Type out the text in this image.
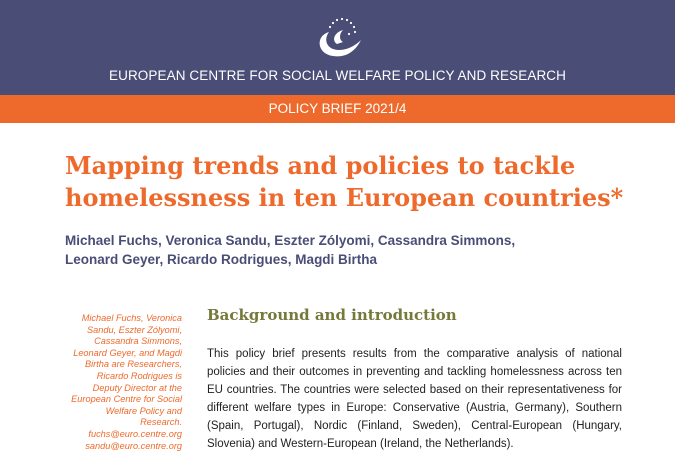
EUROPEAN CENTRE FOR SOCIAL WELFARE POLICY AND RESEARCH
POLICY BRIEF 2021/4
Mapping trends and policies to tackle
homelessness in ten European countries*

Michael Fuchs, Veronica Sandu, Eszter Zólyomi, Cassandra Simmons,
Leonard Geyer, Ricardo Rodrigues, Magdi Birtha

Michael Fuchs, Veronica Sandu, Eszter Zólyomi, Cassandra Simmons, Leonard Geyer, and Magdi Birtha are Researchers, Ricardo Rodrigues is Deputy Director at the European Centre for Social Welfare Policy and Research.
fuchs@euro.centre.org
sandu@euro.centre.org
Background and introduction

This policy brief presents results from the comparative analysis of national policies and their outcomes in preventing and tackling homelessness across ten EU countries. The countries were selected based on their representativeness for different welfare types in Europe: Conservative (Austria, Germany), Southern (Spain, Portugal), Nordic (Finland, Sweden), Central-European (Hungary, Slovenia) and Western-European (Ireland, the Netherlands).
